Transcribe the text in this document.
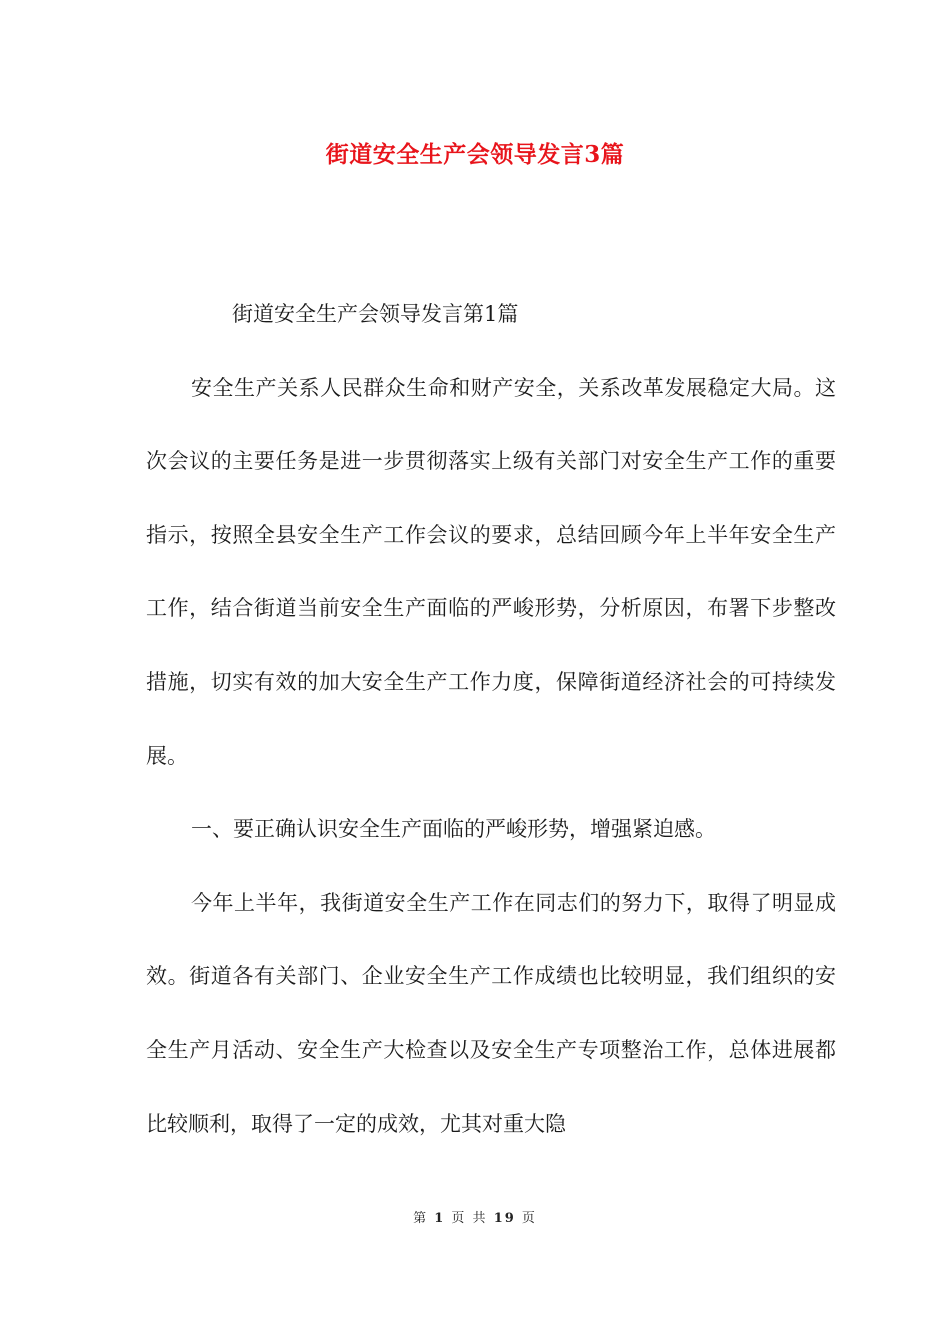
街道安全生产会领导发言3篇

街道安全生产会领导发言第1篇

安全生产关系人民群众生命和财产安全，关系改革发展稳定大局。这次会议的主要任务是进一步贯彻落实上级有关部门对安全生产工作的重要指示，按照全县安全生产工作会议的要求，总结回顾今年上半年安全生产工作，结合街道当前安全生产面临的严峻形势，分析原因，布署下步整改措施，切实有效的加大安全生产工作力度，保障街道经济社会的可持续发展。

一、要正确认识安全生产面临的严峻形势，增强紧迫感。

今年上半年，我街道安全生产工作在同志们的努力下，取得了明显成效。街道各有关部门、企业安全生产工作成绩也比较明显，我们组织的安全生产月活动、安全生产大检查以及安全生产专项整治工作，总体进展都比较顺利，取得了一定的成效，尤其对重大隐

第 1 页 共 19 页
